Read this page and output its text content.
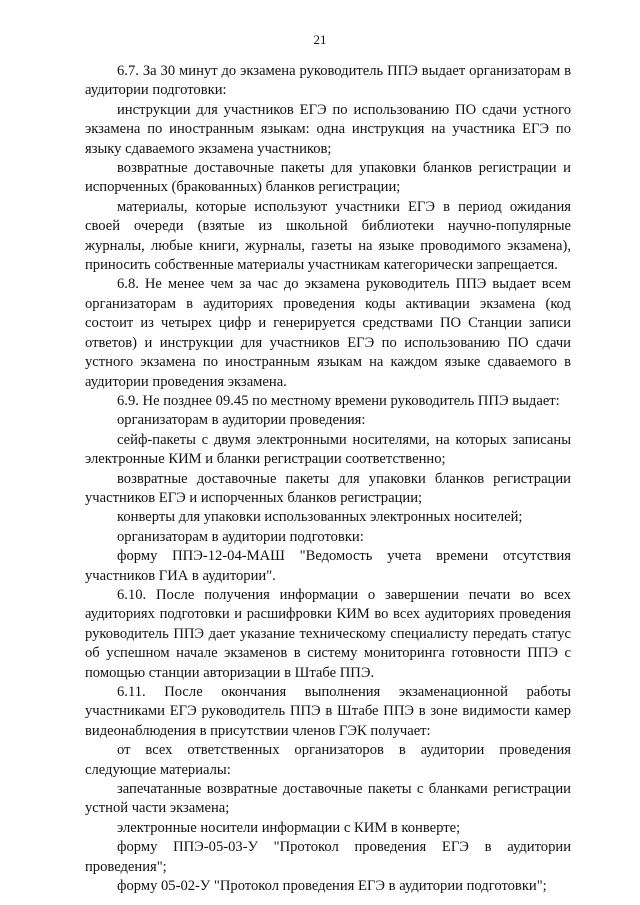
21

6.7. За 30 минут до экзамена руководитель ППЭ выдает организаторам в аудитории подготовки:

инструкции для участников ЕГЭ по использованию ПО сдачи устного экзамена по иностранным языкам: одна инструкция на участника ЕГЭ по языку сдаваемого экзамена участников;

возвратные доставочные пакеты для упаковки бланков регистрации и испорченных (бракованных) бланков регистрации;

материалы, которые используют участники ЕГЭ в период ожидания своей очереди (взятые из школьной библиотеки научно-популярные журналы, любые книги, журналы, газеты на языке проводимого экзамена), приносить собственные материалы участникам категорически запрещается.

6.8. Не менее чем за час до экзамена руководитель ППЭ выдает всем организаторам в аудиториях проведения коды активации экзамена (код состоит из четырех цифр и генерируется средствами ПО Станции записи ответов) и инструкции для участников ЕГЭ по использованию ПО сдачи устного экзамена по иностранным языкам на каждом языке сдаваемого в аудитории проведения экзамена.

6.9. Не позднее 09.45 по местному времени руководитель ППЭ выдает:

организаторам в аудитории проведения:

сейф-пакеты с двумя электронными носителями, на которых записаны электронные КИМ и бланки регистрации соответственно;

возвратные доставочные пакеты для упаковки бланков регистрации участников ЕГЭ и испорченных бланков регистрации;

конверты для упаковки использованных электронных носителей;

организаторам в аудитории подготовки:

форму ППЭ-12-04-МАШ "Ведомость учета времени отсутствия участников ГИА в аудитории".

6.10. После получения информации о завершении печати во всех аудиториях подготовки и расшифровки КИМ во всех аудиториях проведения руководитель ППЭ дает указание техническому специалисту передать статус об успешном начале экзаменов в систему мониторинга готовности ППЭ с помощью станции авторизации в Штабе ППЭ.

6.11. После окончания выполнения экзаменационной работы участниками ЕГЭ руководитель ППЭ в Штабе ППЭ в зоне видимости камер видеонаблюдения в присутствии членов ГЭК получает:

от всех ответственных организаторов в аудитории проведения следующие материалы:

запечатанные возвратные доставочные пакеты с бланками регистрации устной части экзамена;

электронные носители информации с КИМ в конверте;

форму ППЭ-05-03-У "Протокол проведения ЕГЭ в аудитории проведения";

форму 05-02-У "Протокол проведения ЕГЭ в аудитории подготовки";
